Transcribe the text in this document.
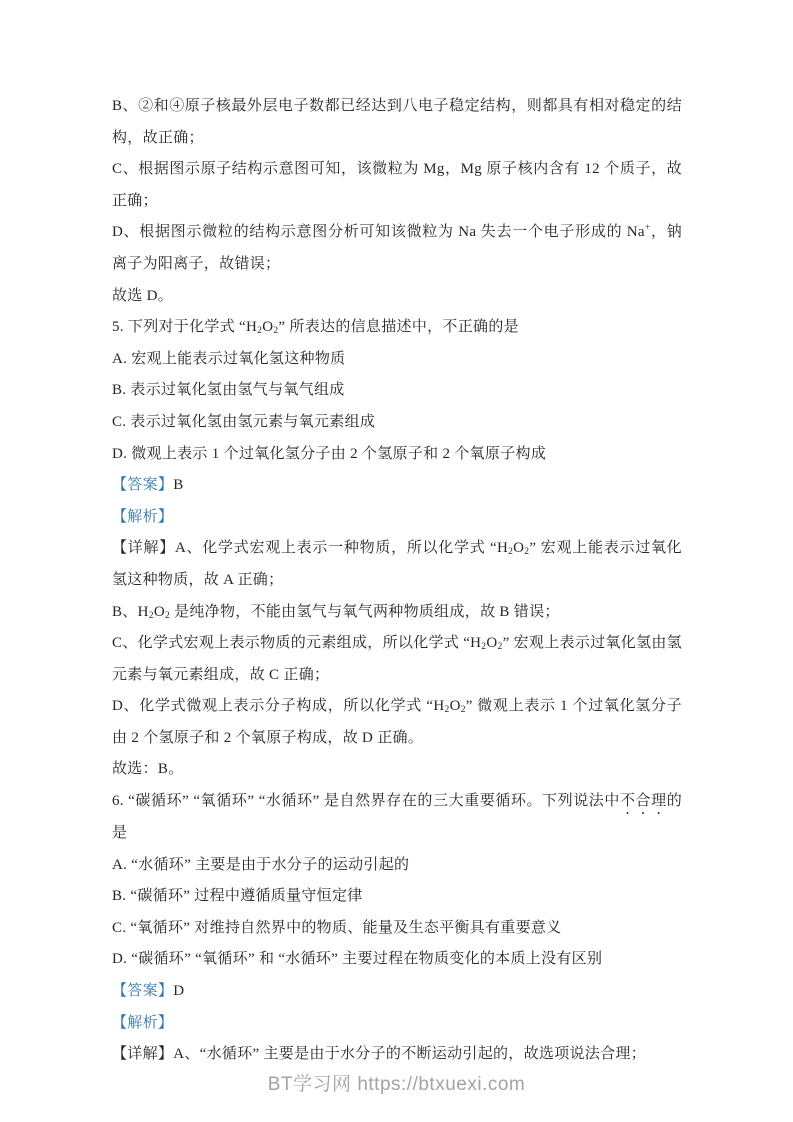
B、②和④原子核最外层电子数都已经达到八电子稳定结构，则都具有相对稳定的结构，故正确；

C、根据图示原子结构示意图可知，该微粒为 Mg，Mg 原子核内含有 12 个质子，故正确；

D、根据图示微粒的结构示意图分析可知该微粒为 Na 失去一个电子形成的 Na+，钠离子为阳离子，故错误；

故选 D。

5. 下列对于化学式 “$H_2O_2$” 所表达的信息描述中，不正确的是

A. 宏观上能表示过氧化氢这种物质

B. 表示过氧化氢由氢气与氧气组成

C. 表示过氧化氢由氢元素与氧元素组成

D. 微观上表示 1 个过氧化氢分子由 2 个氢原子和 2 个氧原子构成

【答案】B

【解析】

【详解】A、化学式宏观上表示一种物质，所以化学式 “$H_2O_2$” 宏观上能表示过氧化氢这种物质，故 A 正确；

B、$H_2O_2$ 是纯净物，不能由氢气与氧气两种物质组成，故 B 错误；

C、化学式宏观上表示物质的元素组成，所以化学式 “$H_2O_2$” 宏观上表示过氧化氢由氢元素与氧元素组成，故 C 正确；

D、化学式微观上表示分子构成，所以化学式 “$H_2O_2$” 微观上表示 1 个过氧化氢分子由 2 个氢原子和 2 个氧原子构成，故 D 正确。

故选：B。

6. “碳循环” “氧循环” “水循环” 是自然界存在的三大重要循环。下列说法中不合理的是

A. “水循环” 主要是由于水分子的运动引起的

B. “碳循环” 过程中遵循质量守恒定律

C. “氧循环” 对维持自然界中的物质、能量及生态平衡具有重要意义

D. “碳循环” “氧循环” 和 “水循环” 主要过程在物质变化的本质上没有区别

【答案】D

【解析】

【详解】A、“水循环” 主要是由于水分子的不断运动引起的，故选项说法合理；

BT学习网 https://btxuexi.com
